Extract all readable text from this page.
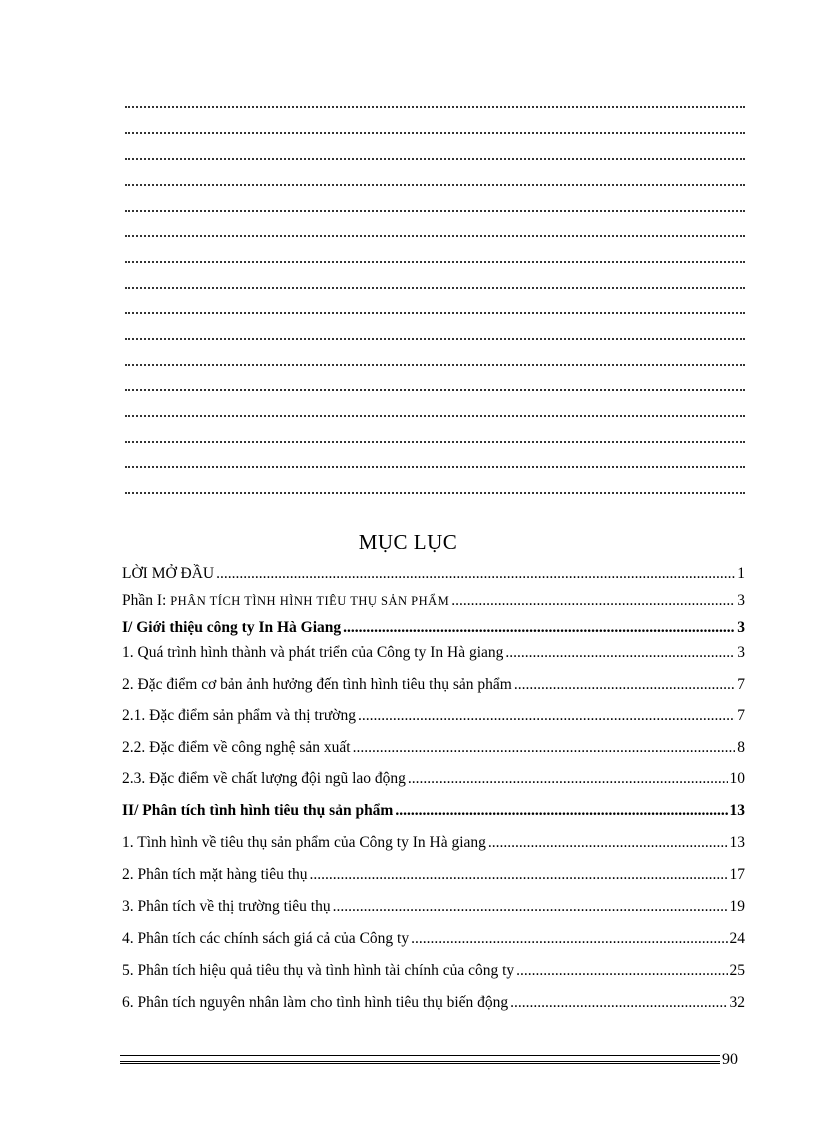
MỤC LỤC
LỜI MỞ ĐẦU .....	1
Phần I: PHÂN TÍCH TÌNH HÌNH TIÊU THỤ SẢN PHẨM .....	3
I/ Giới thiệu công ty In Hà Giang .....	3
1. Quá trình hình thành và phát triển của Công ty In Hà giang .....	3
2. Đặc điểm cơ bản ảnh hưởng đến tình hình tiêu thụ sản phẩm .....	7
2.1. Đặc điểm sản phẩm và thị trường .....	7
2.2. Đặc điểm về công nghệ sản xuất .....	8
2.3. Đặc điểm về chất lượng đội ngũ lao động .....	10
II/ Phân tích tình hình tiêu thụ sản phẩm .....	13
1. Tình hình về tiêu thụ sản phẩm của Công ty In Hà giang .....	13
2. Phân tích mặt hàng tiêu thụ .....	17
3. Phân tích về thị trường tiêu thụ .....	19
4. Phân tích các chính sách giá cả của Công ty .....	24
5. Phân tích hiệu quả tiêu thụ và tình hình tài chính của công ty .....	25
6. Phân tích nguyên nhân làm cho tình hình tiêu thụ biến động .....	32
90
